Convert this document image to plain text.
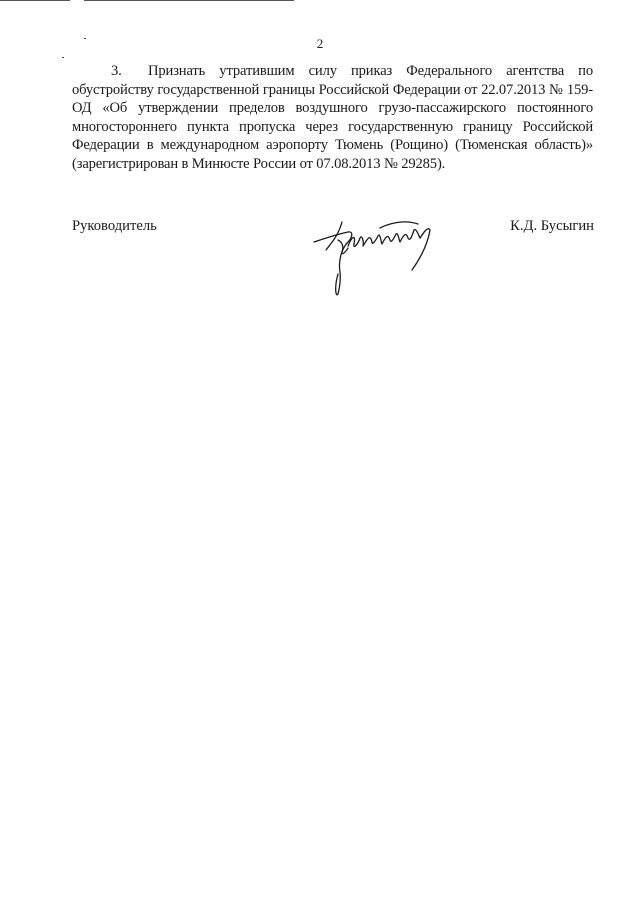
2

3. Признать утратившим силу приказ Федерального агентства по обустройству государственной границы Российской Федерации от 22.07.2013 № 159-ОД «Об утверждении пределов воздушного грузо-пассажирского постоянного многостороннего пункта пропуска через государственную границу Российской Федерации в международном аэропорту Тюмень (Рощино) (Тюменская область)» (зарегистрирован в Минюсте России от 07.08.2013 № 29285).

Руководитель	К.Д. Бусыгин
